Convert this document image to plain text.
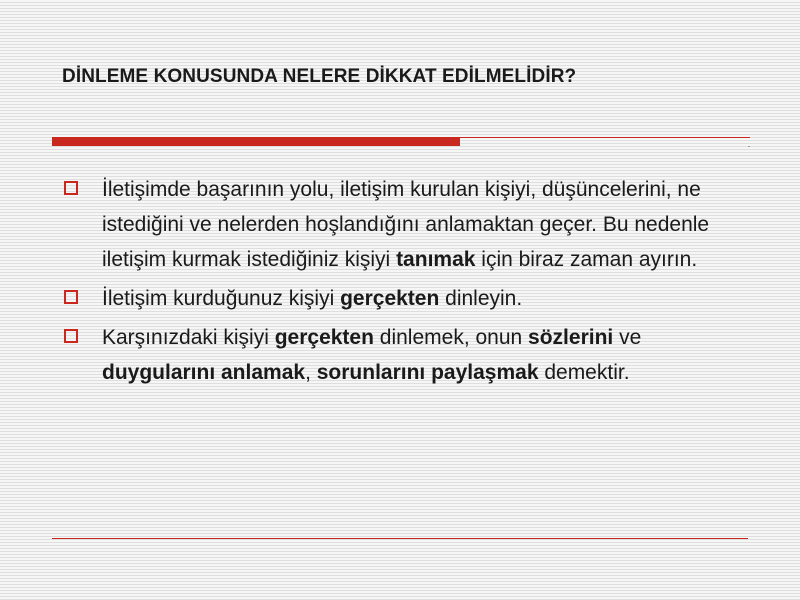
DİNLEME KONUSUNDA NELERE DİKKAT EDİLMELİDİR?
İletişimde başarının yolu, iletişim kurulan kişiyi, düşüncelerini, ne istediğini ve nelerden hoşlandığını anlamaktan geçer. Bu nedenle iletişim kurmak istediğiniz kişiyi tanımak için biraz zaman ayırın.
İletişim kurduğunuz kişiyi gerçekten dinleyin.
Karşınızdaki kişiyi gerçekten dinlemek, onun sözlerini ve duygularını anlamak, sorunlarını paylaşmak demektir.
